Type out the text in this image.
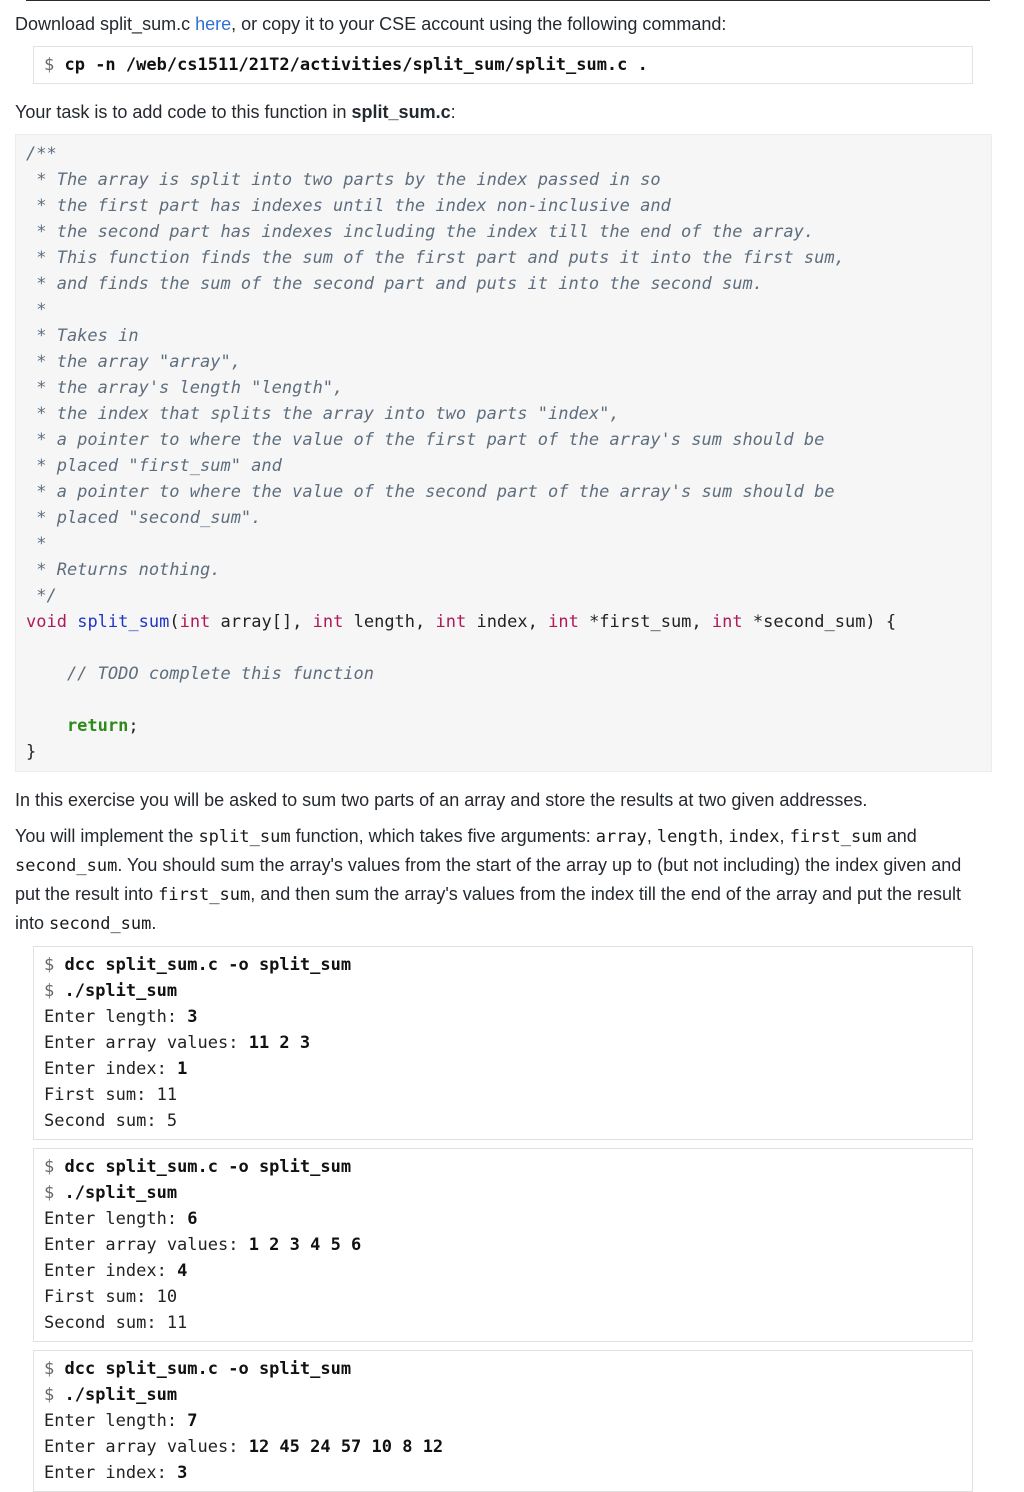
Download split_sum.c here, or copy it to your CSE account using the following command:

$ cp -n /web/cs1511/21T2/activities/split_sum/split_sum.c .

Your task is to add code to this function in split_sum.c:

/**
* The array is split into two parts by the index passed in so
* the first part has indexes until the index non-inclusive and
* the second part has indexes including the index till the end of the array.
* This function finds the sum of the first part and puts it into the first sum,
* and finds the sum of the second part and puts it into the second sum.
*
* Takes in
* the array "array",
* the array's length "length",
* the index that splits the array into two parts "index",
* a pointer to where the value of the first part of the array's sum should be
* placed "first_sum" and
* a pointer to where the value of the second part of the array's sum should be
* placed "second_sum".
*
* Returns nothing.
*/
void split_sum(int array[], int length, int index, int *first_sum, int *second_sum) {

// TODO complete this function

return;
}

In this exercise you will be asked to sum two parts of an array and store the results at two given addresses.

You will implement the split_sum function, which takes five arguments: array, length, index, first_sum and second_sum. You should sum the array's values from the start of the array up to (but not including) the index given and put the result into first_sum, and then sum the array's values from the index till the end of the array and put the result into second_sum.

$ dcc split_sum.c -o split_sum
$ ./split_sum
Enter length: 3
Enter array values: 11 2 3
Enter index: 1
First sum: 11
Second sum: 5
$ dcc split_sum.c -o split_sum
$ ./split_sum
Enter length: 6
Enter array values: 1 2 3 4 5 6
Enter index: 4
First sum: 10
Second sum: 11
$ dcc split_sum.c -o split_sum
$ ./split_sum
Enter length: 7
Enter array values: 12 45 24 57 10 8 12
Enter index: 3
